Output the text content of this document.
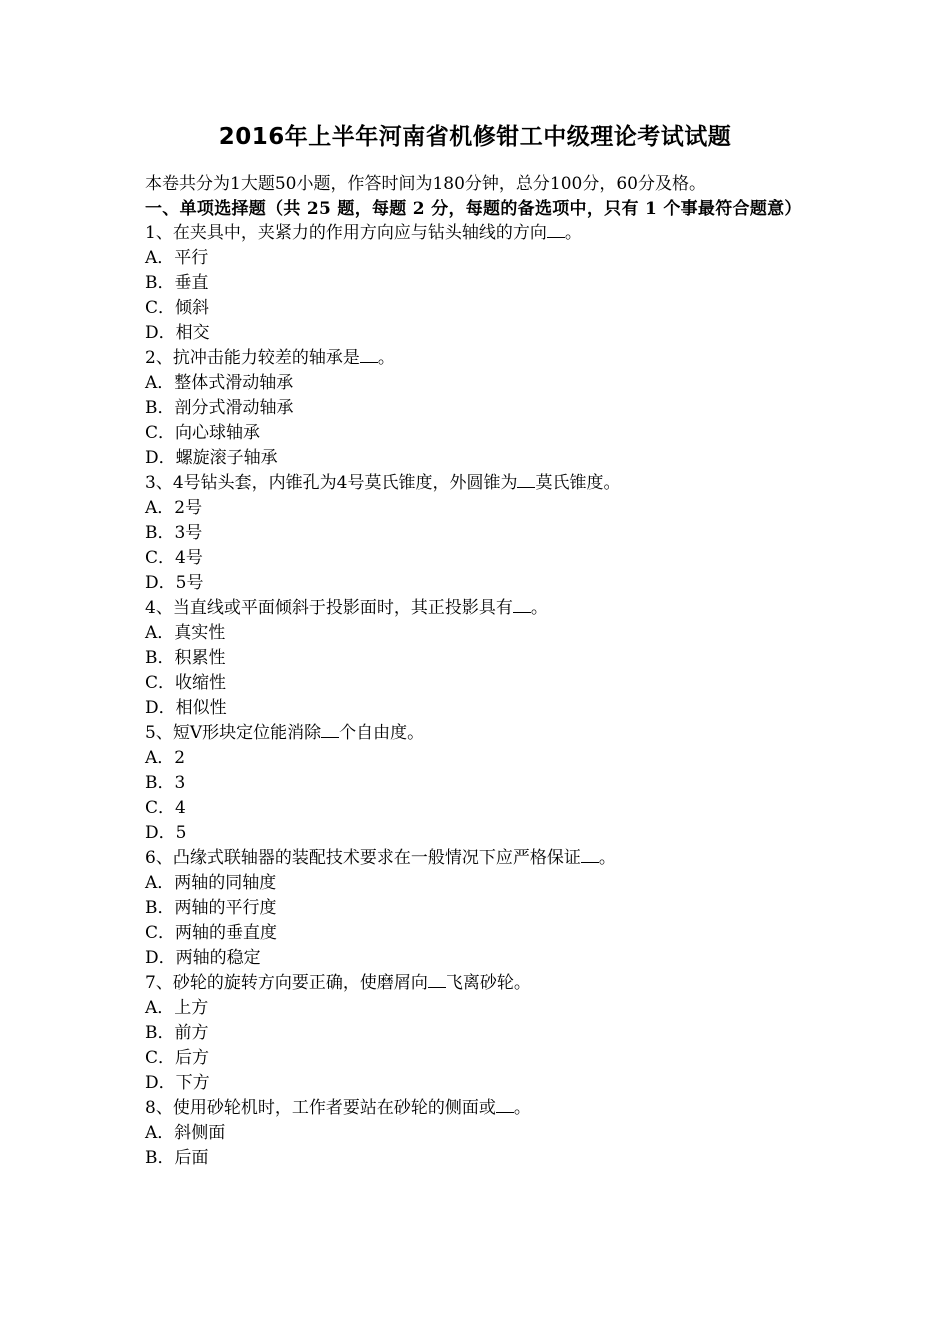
2016年上半年河南省机修钳工中级理论考试试题
本卷共分为1大题50小题，作答时间为180分钟，总分100分，60分及格。

一、单项选择题（共 25 题，每题 2 分，每题的备选项中，只有 1 个事最符合题意）

1、在夹具中，夹紧力的作用方向应与钻头轴线的方向 。
A．平行
B．垂直
C．倾斜
D．相交
2、抗冲击能力较差的轴承是 。
A．整体式滑动轴承
B．剖分式滑动轴承
C．向心球轴承
D．螺旋滚子轴承
3、4号钻头套，内锥孔为4号莫氏锥度，外圆锥为 莫氏锥度。
A．2号
B．3号
C．4号
D．5号
4、当直线或平面倾斜于投影面时，其正投影具有 。
A．真实性
B．积累性
C．收缩性
D．相似性
5、短V形块定位能消除 个自由度。
A．2
B．3
C．4
D．5
6、凸缘式联轴器的装配技术要求在一般情况下应严格保证 。
A．两轴的同轴度
B．两轴的平行度
C．两轴的垂直度
D．两轴的稳定
7、砂轮的旋转方向要正确，使磨屑向 飞离砂轮。
A．上方
B．前方
C．后方
D．下方
8、使用砂轮机时，工作者要站在砂轮的侧面或 。
A．斜侧面
B．后面
